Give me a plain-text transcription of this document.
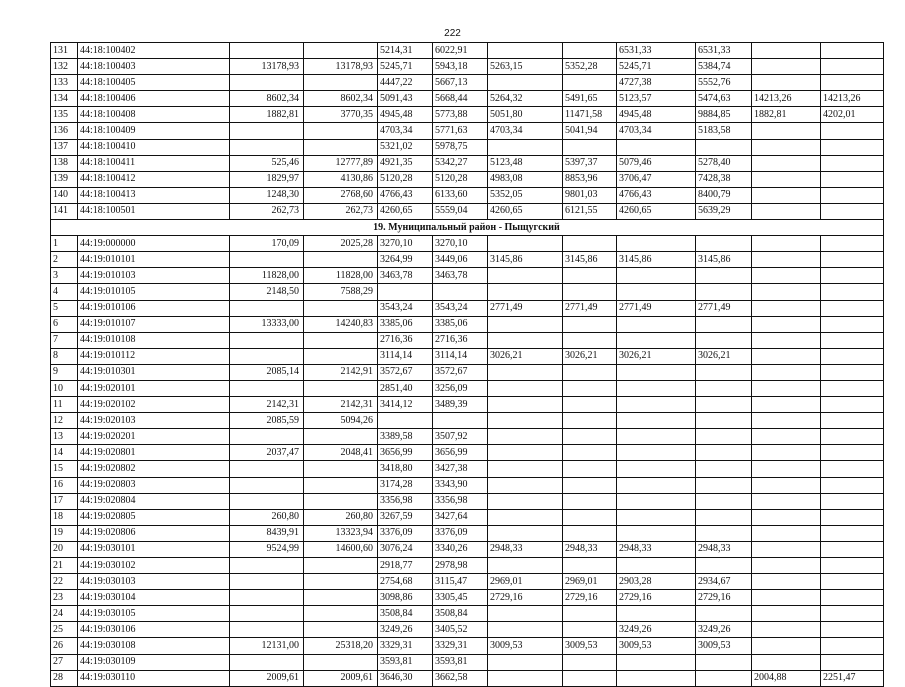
222
131	44:18:100402			5214,31	6022,91			6531,33	6531,33		
132	44:18:100403	13178,93	13178,93	5245,71	5943,18	5263,15	5352,28	5245,71	5384,74		
133	44:18:100405			4447,22	5667,13			4727,38	5552,76		
134	44:18:100406	8602,34	8602,34	5091,43	5668,44	5264,32	5491,65	5123,57	5474,63	14213,26	14213,26
135	44:18:100408	1882,81	3770,35	4945,48	5773,88	5051,80	11471,58	4945,48	9884,85	1882,81	4202,01
136	44:18:100409			4703,34	5771,63	4703,34	5041,94	4703,34	5183,58		
137	44:18:100410			5321,02	5978,75						
138	44:18:100411	525,46	12777,89	4921,35	5342,27	5123,48	5397,37	5079,46	5278,40		
139	44:18:100412	1829,97	4130,86	5120,28	5120,28	4983,08	8853,96	3706,47	7428,38		
140	44:18:100413	1248,30	2768,60	4766,43	6133,60	5352,05	9801,03	4766,43	8400,79		
141	44:18:100501	262,73	262,73	4260,65	5559,04	4260,65	6121,55	4260,65	5639,29		
19. Муниципальный район - Пыщугский											
1	44:19:000000	170,09	2025,28	3270,10	3270,10						
2	44:19:010101			3264,99	3449,06	3145,86	3145,86	3145,86	3145,86		
3	44:19:010103	11828,00	11828,00	3463,78	3463,78						
4	44:19:010105	2148,50	7588,29								
5	44:19:010106			3543,24	3543,24	2771,49	2771,49	2771,49	2771,49		
6	44:19:010107	13333,00	14240,83	3385,06	3385,06						
7	44:19:010108			2716,36	2716,36						
8	44:19:010112			3114,14	3114,14	3026,21	3026,21	3026,21	3026,21		
9	44:19:010301	2085,14	2142,91	3572,67	3572,67						
10	44:19:020101			2851,40	3256,09						
11	44:19:020102	2142,31	2142,31	3414,12	3489,39						
12	44:19:020103	2085,59	5094,26								
13	44:19:020201			3389,58	3507,92						
14	44:19:020801	2037,47	2048,41	3656,99	3656,99						
15	44:19:020802			3418,80	3427,38						
16	44:19:020803			3174,28	3343,90						
17	44:19:020804			3356,98	3356,98						
18	44:19:020805	260,80	260,80	3267,59	3427,64						
19	44:19:020806	8439,91	13323,94	3376,09	3376,09						
20	44:19:030101	9524,99	14600,60	3076,24	3340,26	2948,33	2948,33	2948,33	2948,33		
21	44:19:030102			2918,77	2978,98						
22	44:19:030103			2754,68	3115,47	2969,01	2969,01	2903,28	2934,67		
23	44:19:030104			3098,86	3305,45	2729,16	2729,16	2729,16	2729,16		
24	44:19:030105			3508,84	3508,84						
25	44:19:030106			3249,26	3405,52			3249,26	3249,26		
26	44:19:030108	12131,00	25318,20	3329,31	3329,31	3009,53	3009,53	3009,53	3009,53		
27	44:19:030109			3593,81	3593,81						
28	44:19:030110	2009,61	2009,61	3646,30	3662,58					2004,88	2251,47
